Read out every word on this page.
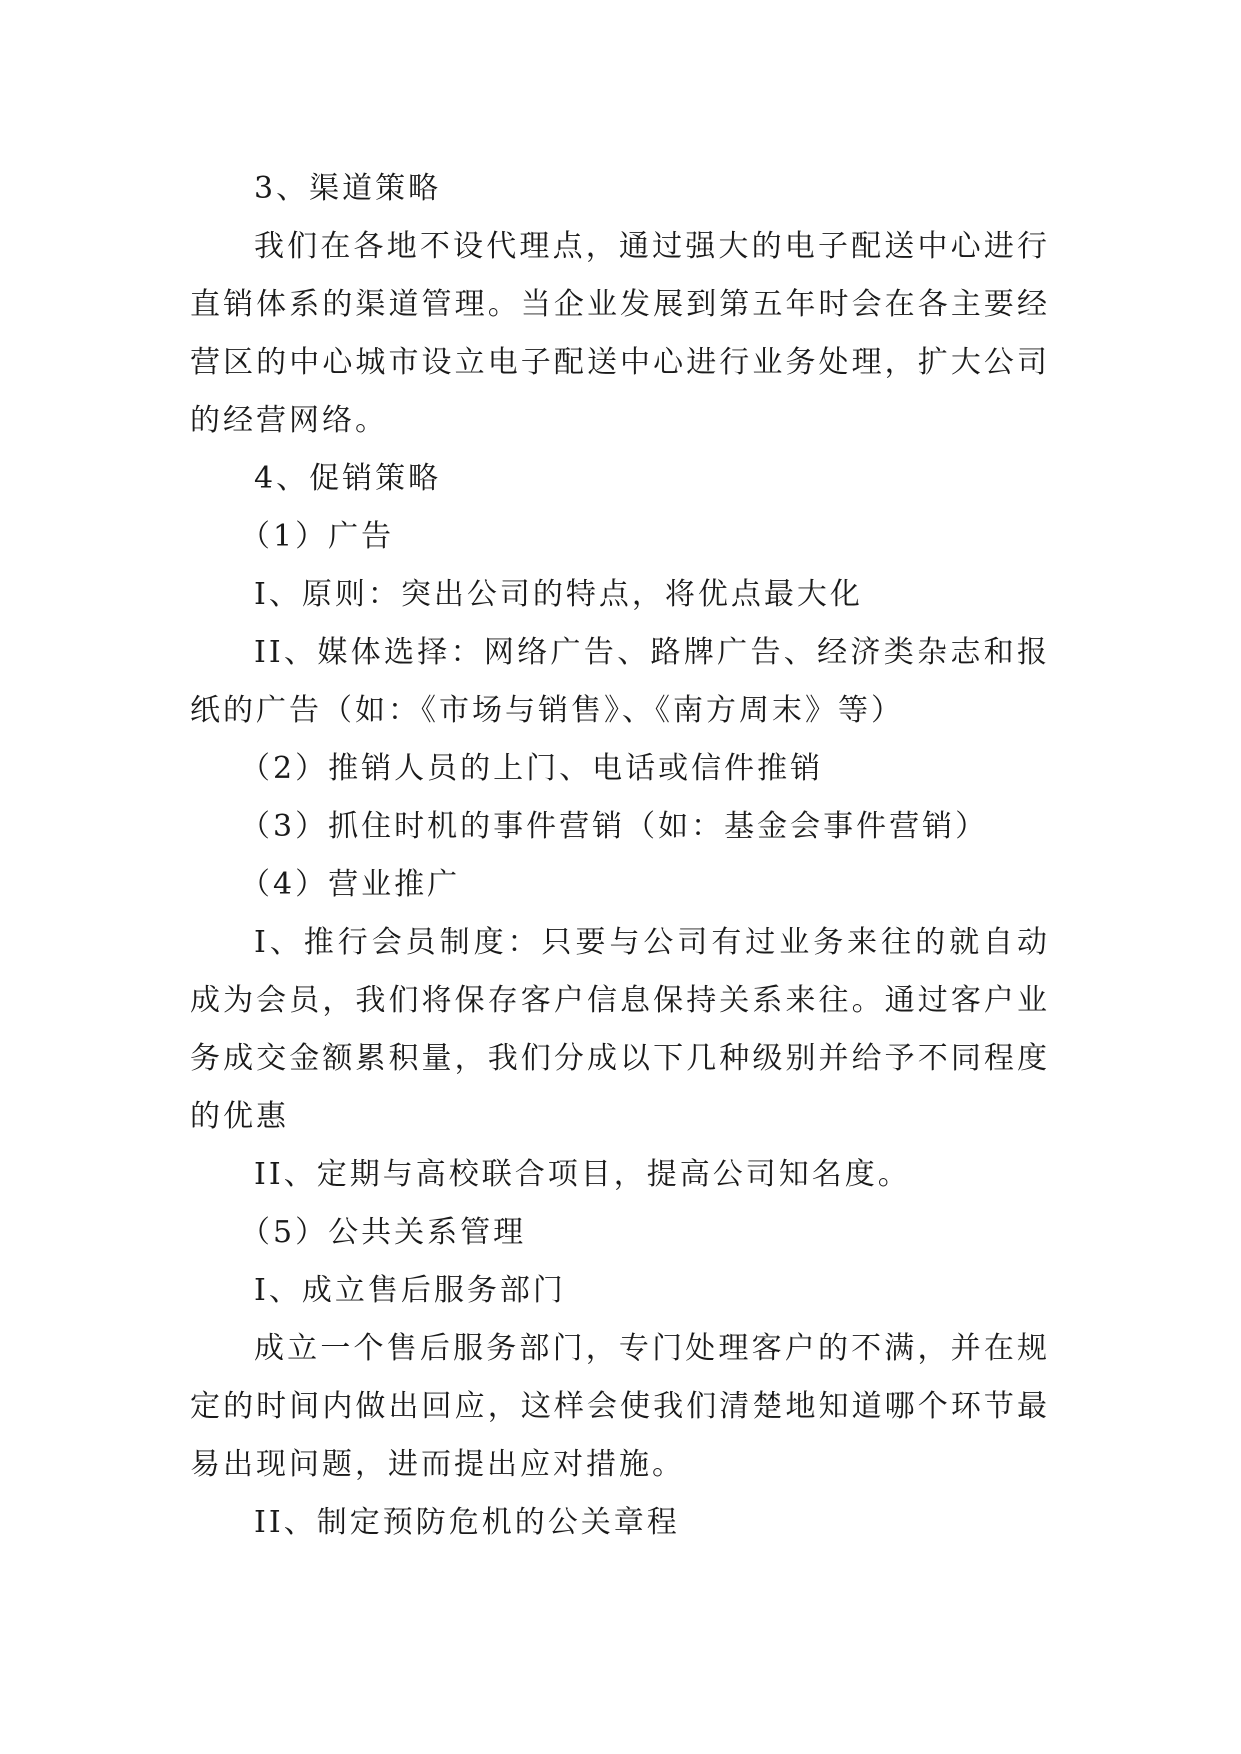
3、渠道策略

我们在各地不设代理点，通过强大的电子配送中心进行直销体系的渠道管理。当企业发展到第五年时会在各主要经营区的中心城市设立电子配送中心进行业务处理，扩大公司的经营网络。

4、促销策略

（1）广告

I、原则：突出公司的特点，将优点最大化

II、媒体选择：网络广告、路牌广告、经济类杂志和报纸的广告（如：《市场与销售》、《南方周末》等）

（2）推销人员的上门、电话或信件推销

（3）抓住时机的事件营销（如：基金会事件营销）

（4）营业推广

I、推行会员制度：只要与公司有过业务来往的就自动成为会员，我们将保存客户信息保持关系来往。通过客户业务成交金额累积量，我们分成以下几种级别并给予不同程度的优惠

II、定期与高校联合项目，提高公司知名度。

（5）公共关系管理

I、成立售后服务部门

成立一个售后服务部门，专门处理客户的不满，并在规定的时间内做出回应，这样会使我们清楚地知道哪个环节最易出现问题，进而提出应对措施。

II、制定预防危机的公关章程
